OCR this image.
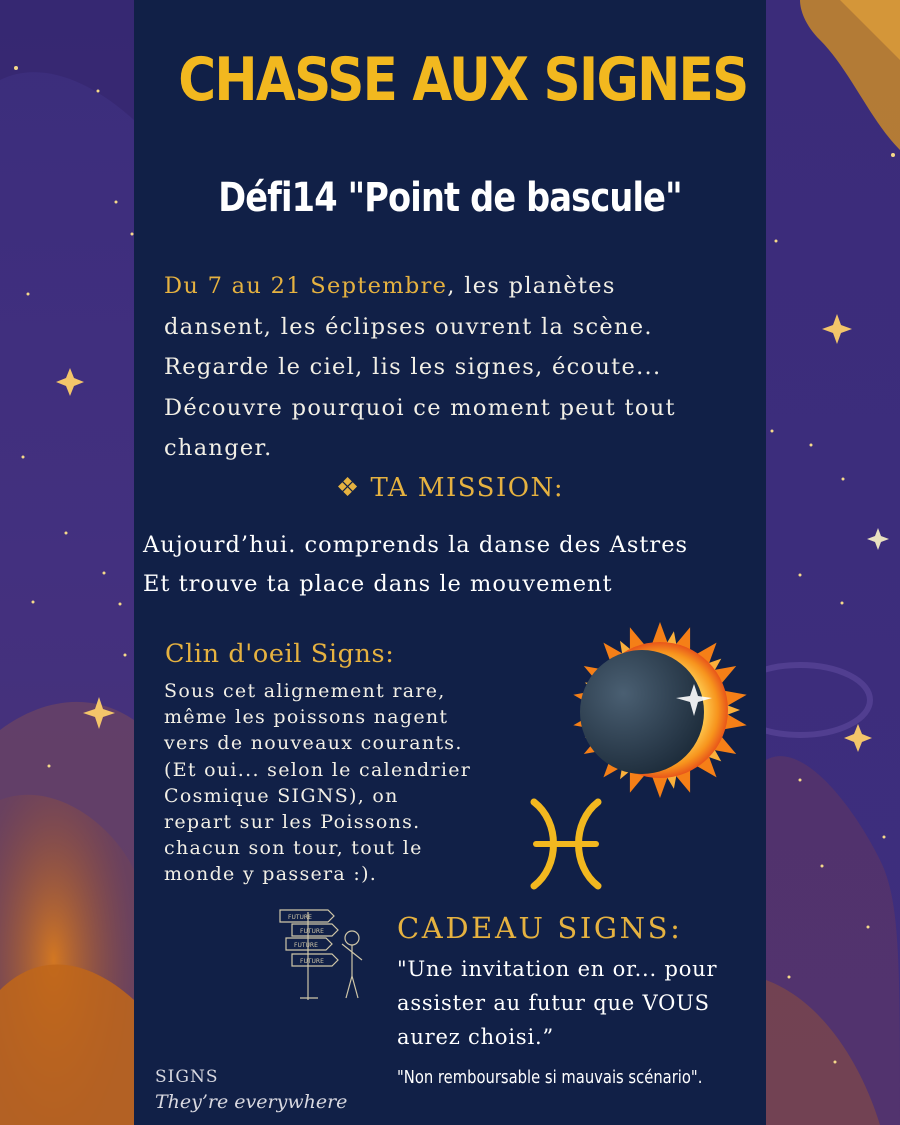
CHASSE AUX SIGNES
Défi14 "Point de bascule"
Du 7 au 21 Septembre, les planètes
dansent, les éclipses ouvrent la scène.
Regarde le ciel, lis les signes, écoute...
Découvre pourquoi ce moment peut tout
changer.
❖ TA MISSION:
Aujourd’hui. comprends la danse des Astres
Et trouve ta place dans le mouvement
Clin d'oeil Signs:
Sous cet alignement rare,
même les poissons nagent
vers de nouveaux courants.
(Et oui... selon le calendrier
Cosmique SIGNS), on
repart sur les Poissons.
chacun son tour, tout le
monde y passera :).
FUTURE
FUTURE
FUTURE
FUTURE
CADEAU SIGNS:
"Une invitation en or... pour
assister au futur que VOUS
aurez choisi.”
"Non remboursable si mauvais scénario".
SIGNS
They’re everywhere
